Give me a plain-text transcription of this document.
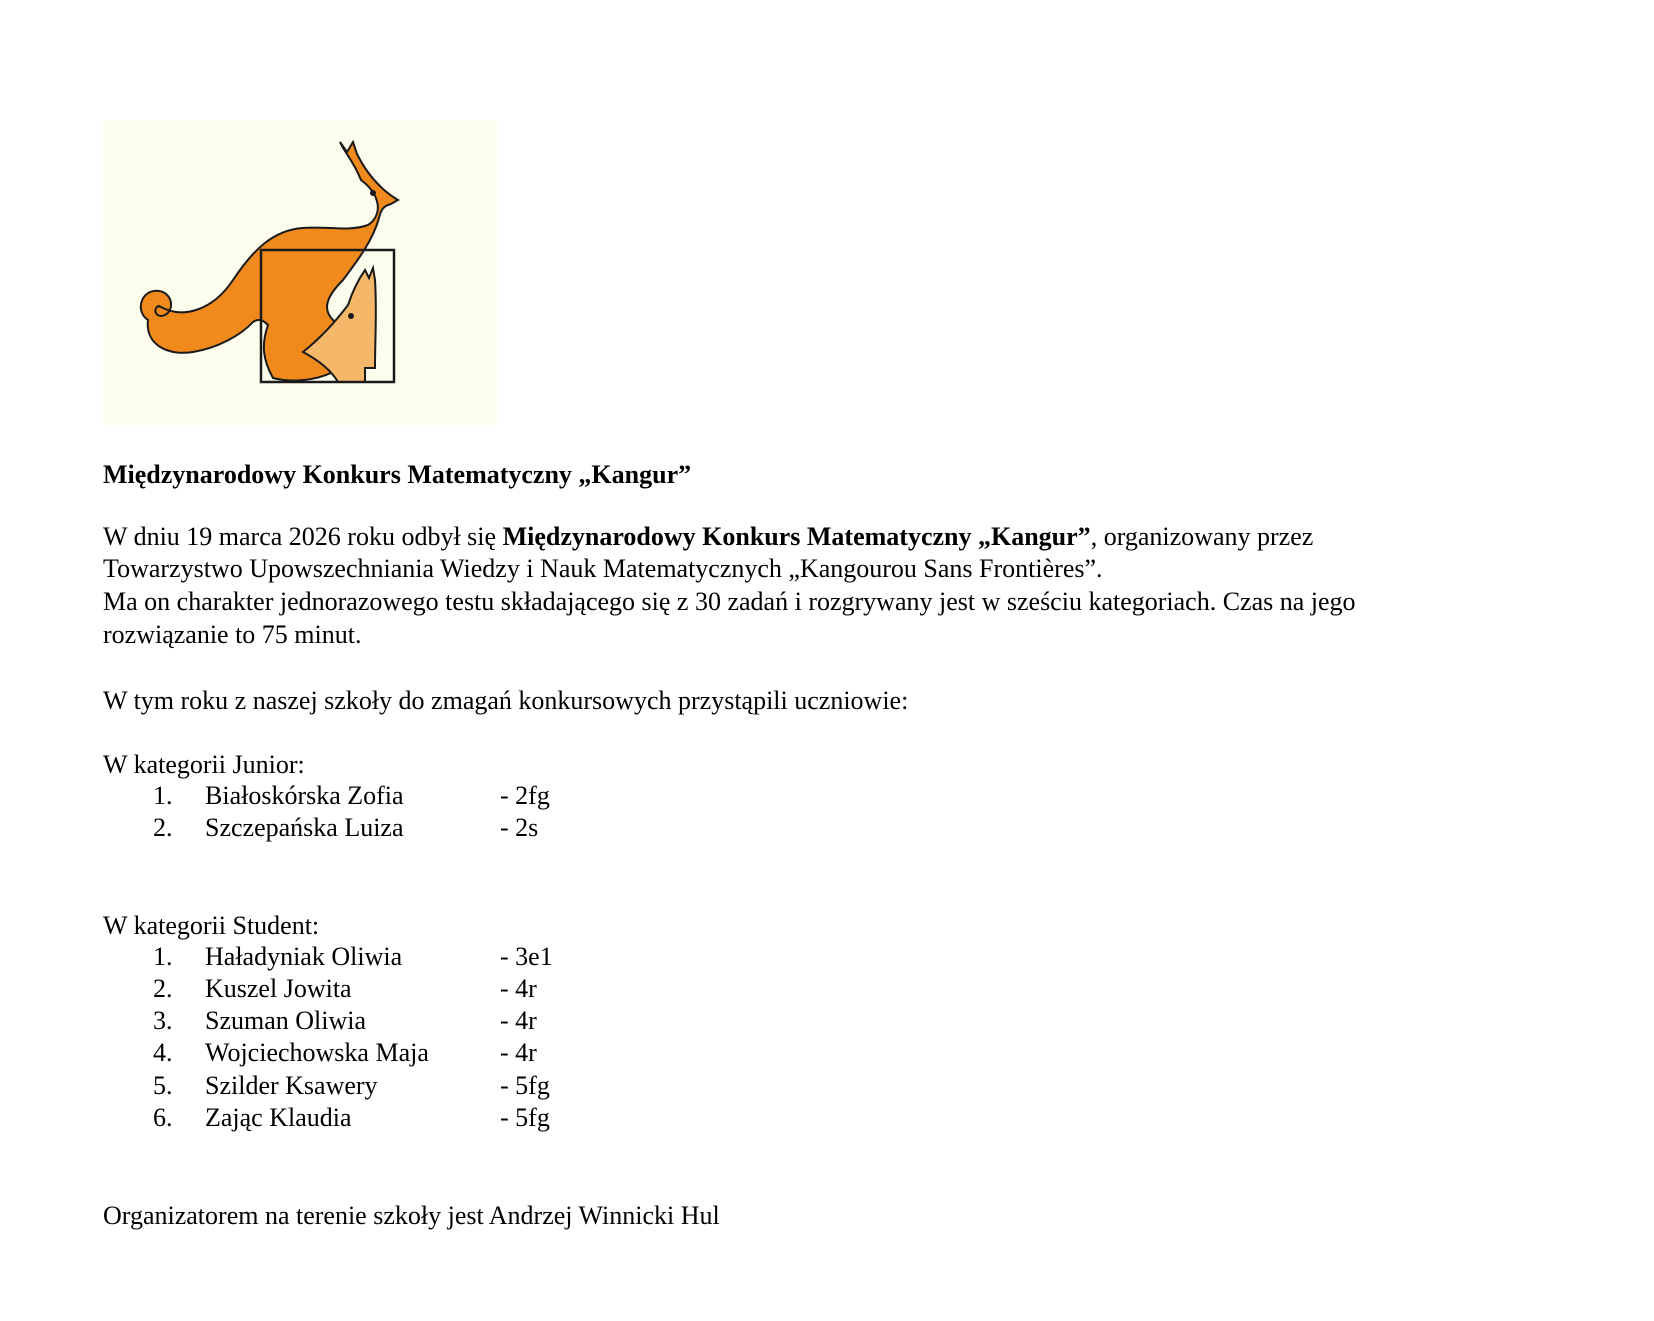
Międzynarodowy Konkurs Matematyczny „Kangur”
W dniu 19 marca 2026 roku odbył się Międzynarodowy Konkurs Matematyczny „Kangur”, organizowany przez
Towarzystwo Upowszechniania Wiedzy i Nauk Matematycznych „Kangourou Sans Frontières”.
Ma on charakter jednorazowego testu składającego się z 30 zadań i rozgrywany jest w sześciu kategoriach. Czas na jego
rozwiązanie to 75 minut.
W tym roku z naszej szkoły do zmagań konkursowych przystąpili uczniowie:
W kategorii Junior:
1. Białoskórska Zofia	- 2fg
2. Szczepańska Luiza	- 2s
W kategorii Student:
1. Haładyniak Oliwia	- 3e1
2. Kuszel Jowita	- 4r
3. Szuman Oliwia	- 4r
4. Wojciechowska Maja	- 4r
5. Szilder Ksawery	- 5fg
6. Zając Klaudia	- 5fg
Organizatorem na terenie szkoły jest Andrzej Winnicki Hul
